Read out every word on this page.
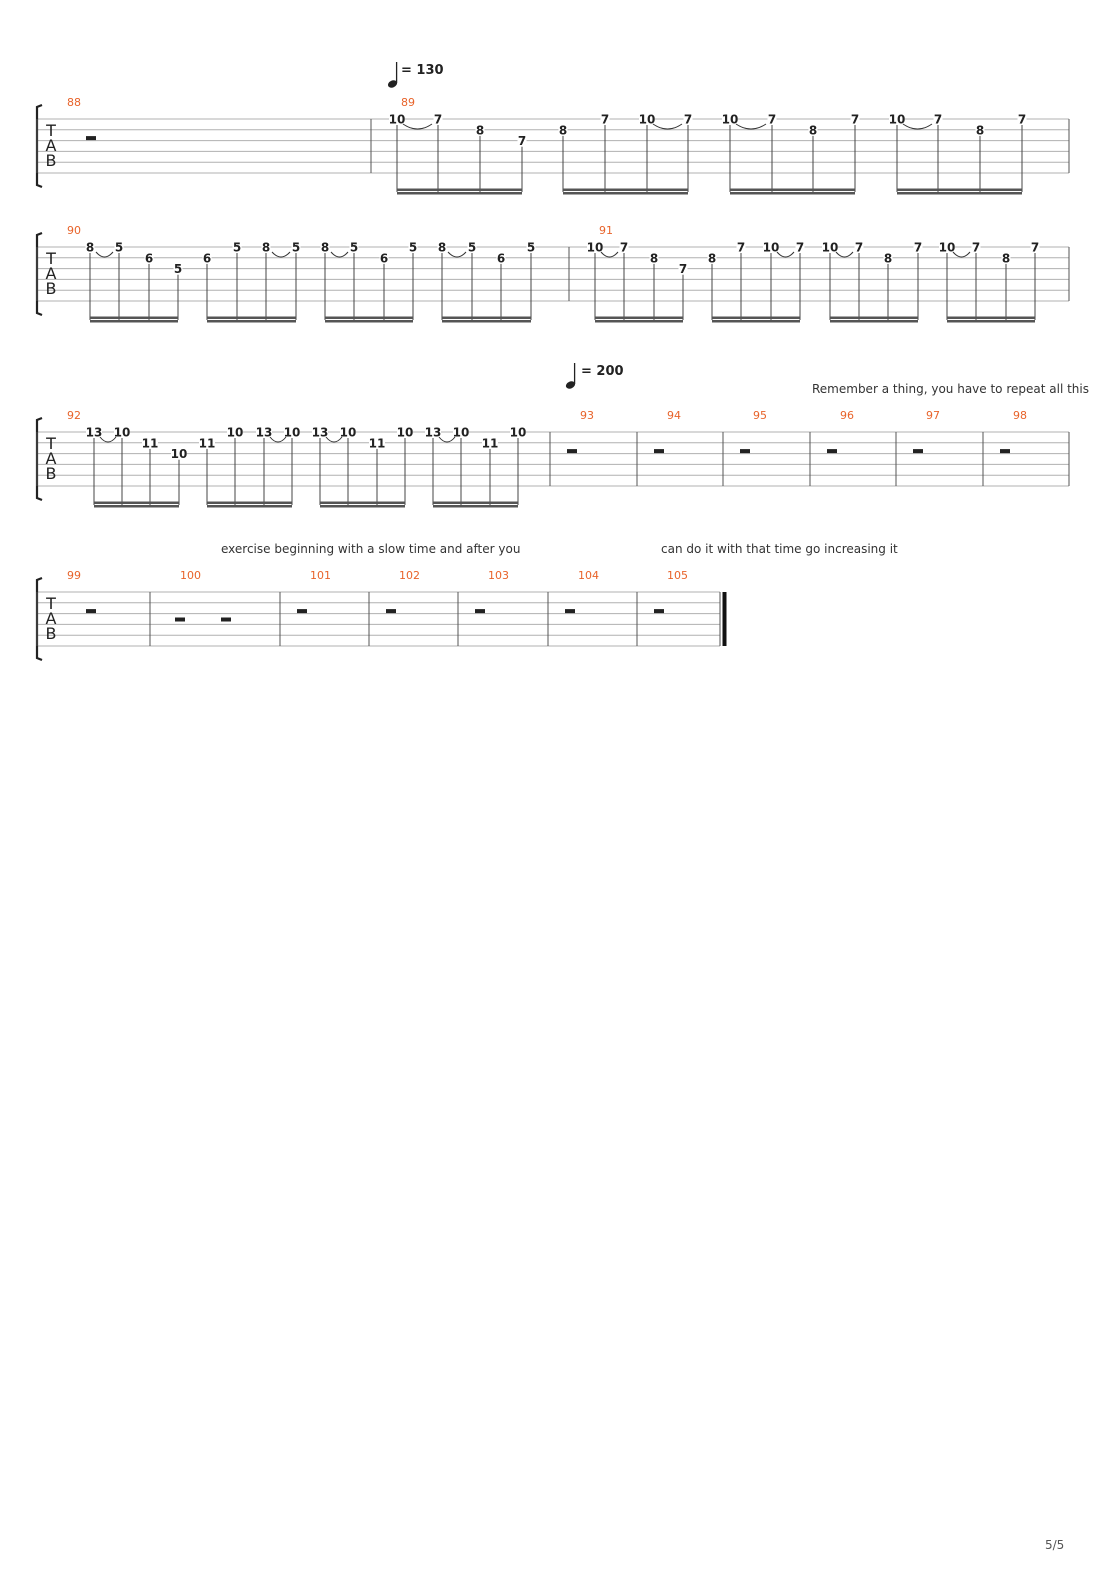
= 130
= 200
Remember a thing, you have to repeat all this
exercise beginning with a slow time and after you	can do it with that time go increasing it
T
A
B
88	89
10 7
8
7
8
7 10 7 10 7
8
7 10 7
8
7
T
A
B
90
8 5
6
5
6
5 8 5 8 5
6
5 8 5
6
5
91
10 7
8
7
8
7 10 7 10 7
8
7 10 7
8
7
T
A
B
92
13 10
11
10
11
10 13 10 13 10
11
10 13 10
11
10
93	94	95	96	97	98
T
A
B
99	100	101	102	103	104	105
5/5
